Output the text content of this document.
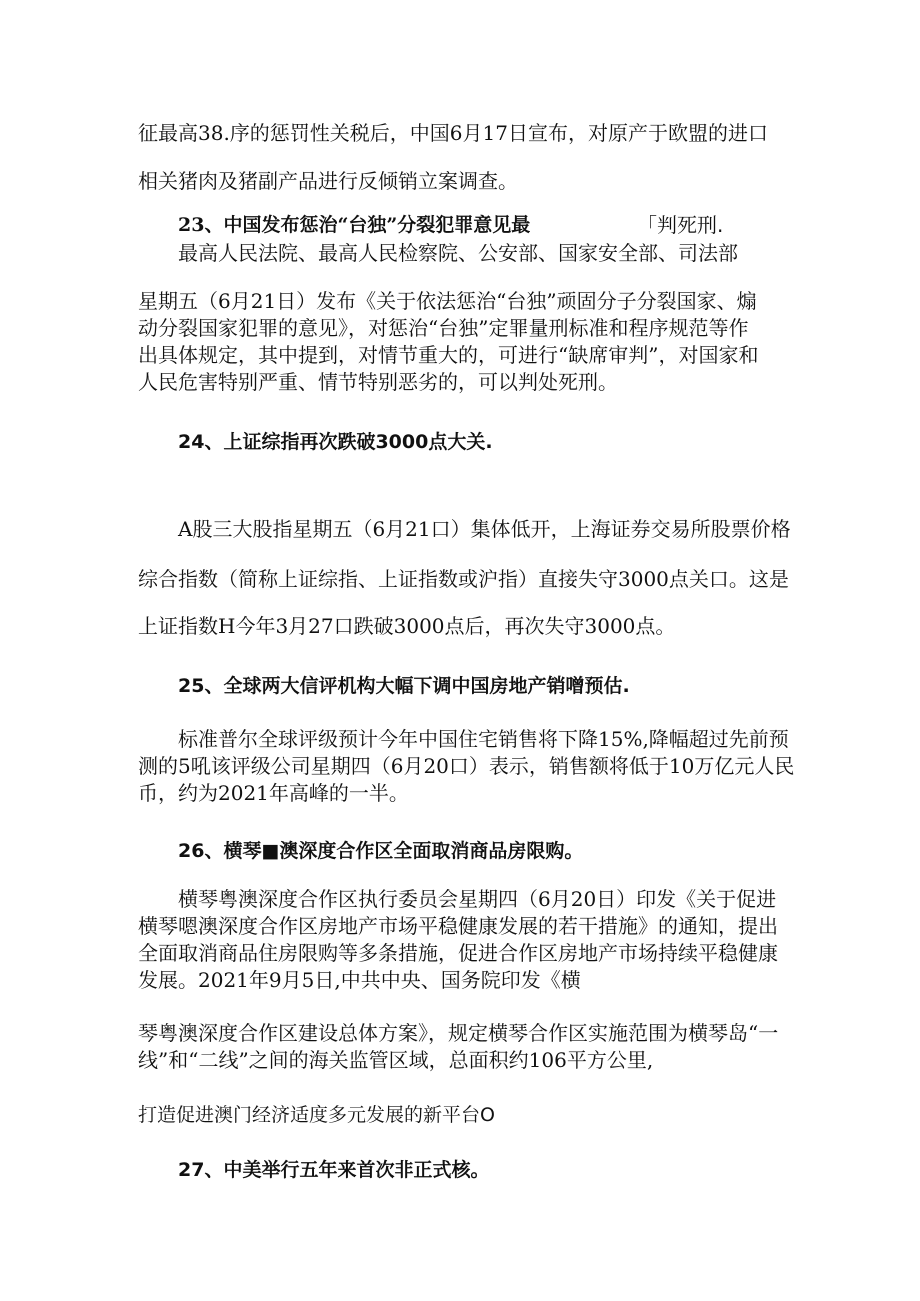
征最高38.序的惩罚性关税后，中国6月17日宣布，对原产于欧盟的进口
相关猪肉及猪副产品进行反倾销立案调查。
23、中国发布惩治“台独”分裂犯罪意见最	「判死刑.
最高人民法院、最高人民检察院、公安部、国家安全部、司法部
星期五（6月21日）发布《关于依法惩治“台独”顽固分子分裂国家、煽
动分裂国家犯罪的意见》，对惩治“台独”定罪量刑标准和程序规范等作
出具体规定，其中提到，对情节重大的，可进行“缺席审判”，对国家和
人民危害特别严重、情节特别恶劣的，可以判处死刑。
24、上证综指再次跌破3000点大关.
A股三大股指星期五（6月21口）集体低开，上海证券交易所股票价格
综合指数（简称上证综指、上证指数或沪指）直接失守3000点关口。这是
上证指数H今年3月27口跌破3000点后，再次失守3000点。
25、全球两大信评机构大幅下调中国房地产销噌预估.
标准普尔全球评级预计今年中国住宅销售将下降15%,降幅超过先前预
测的5吼该评级公司星期四（6月20口）表示，销售额将低于10万亿元人民
币，约为2021年高峰的一半。
26、横琴■澳深度合作区全面取消商品房限购。
横琴粤澳深度合作区执行委员会星期四（6月20日）印发《关于促进
横琴嗯澳深度合作区房地产市场平稳健康发展的若干措施》的通知，提出
全面取消商品住房限购等多条措施，促进合作区房地产市场持续平稳健康
发展。2021年9月5日,中共中央、国务院印发《横
琴粤澳深度合作区建设总体方案》，规定横琴合作区实施范围为横琴岛“一
线”和“二线”之间的海关监管区域，总面积约106平方公里,
打造促进澳门经济适度多元发展的新平台O
27、中美举行五年来首次非正式核。
